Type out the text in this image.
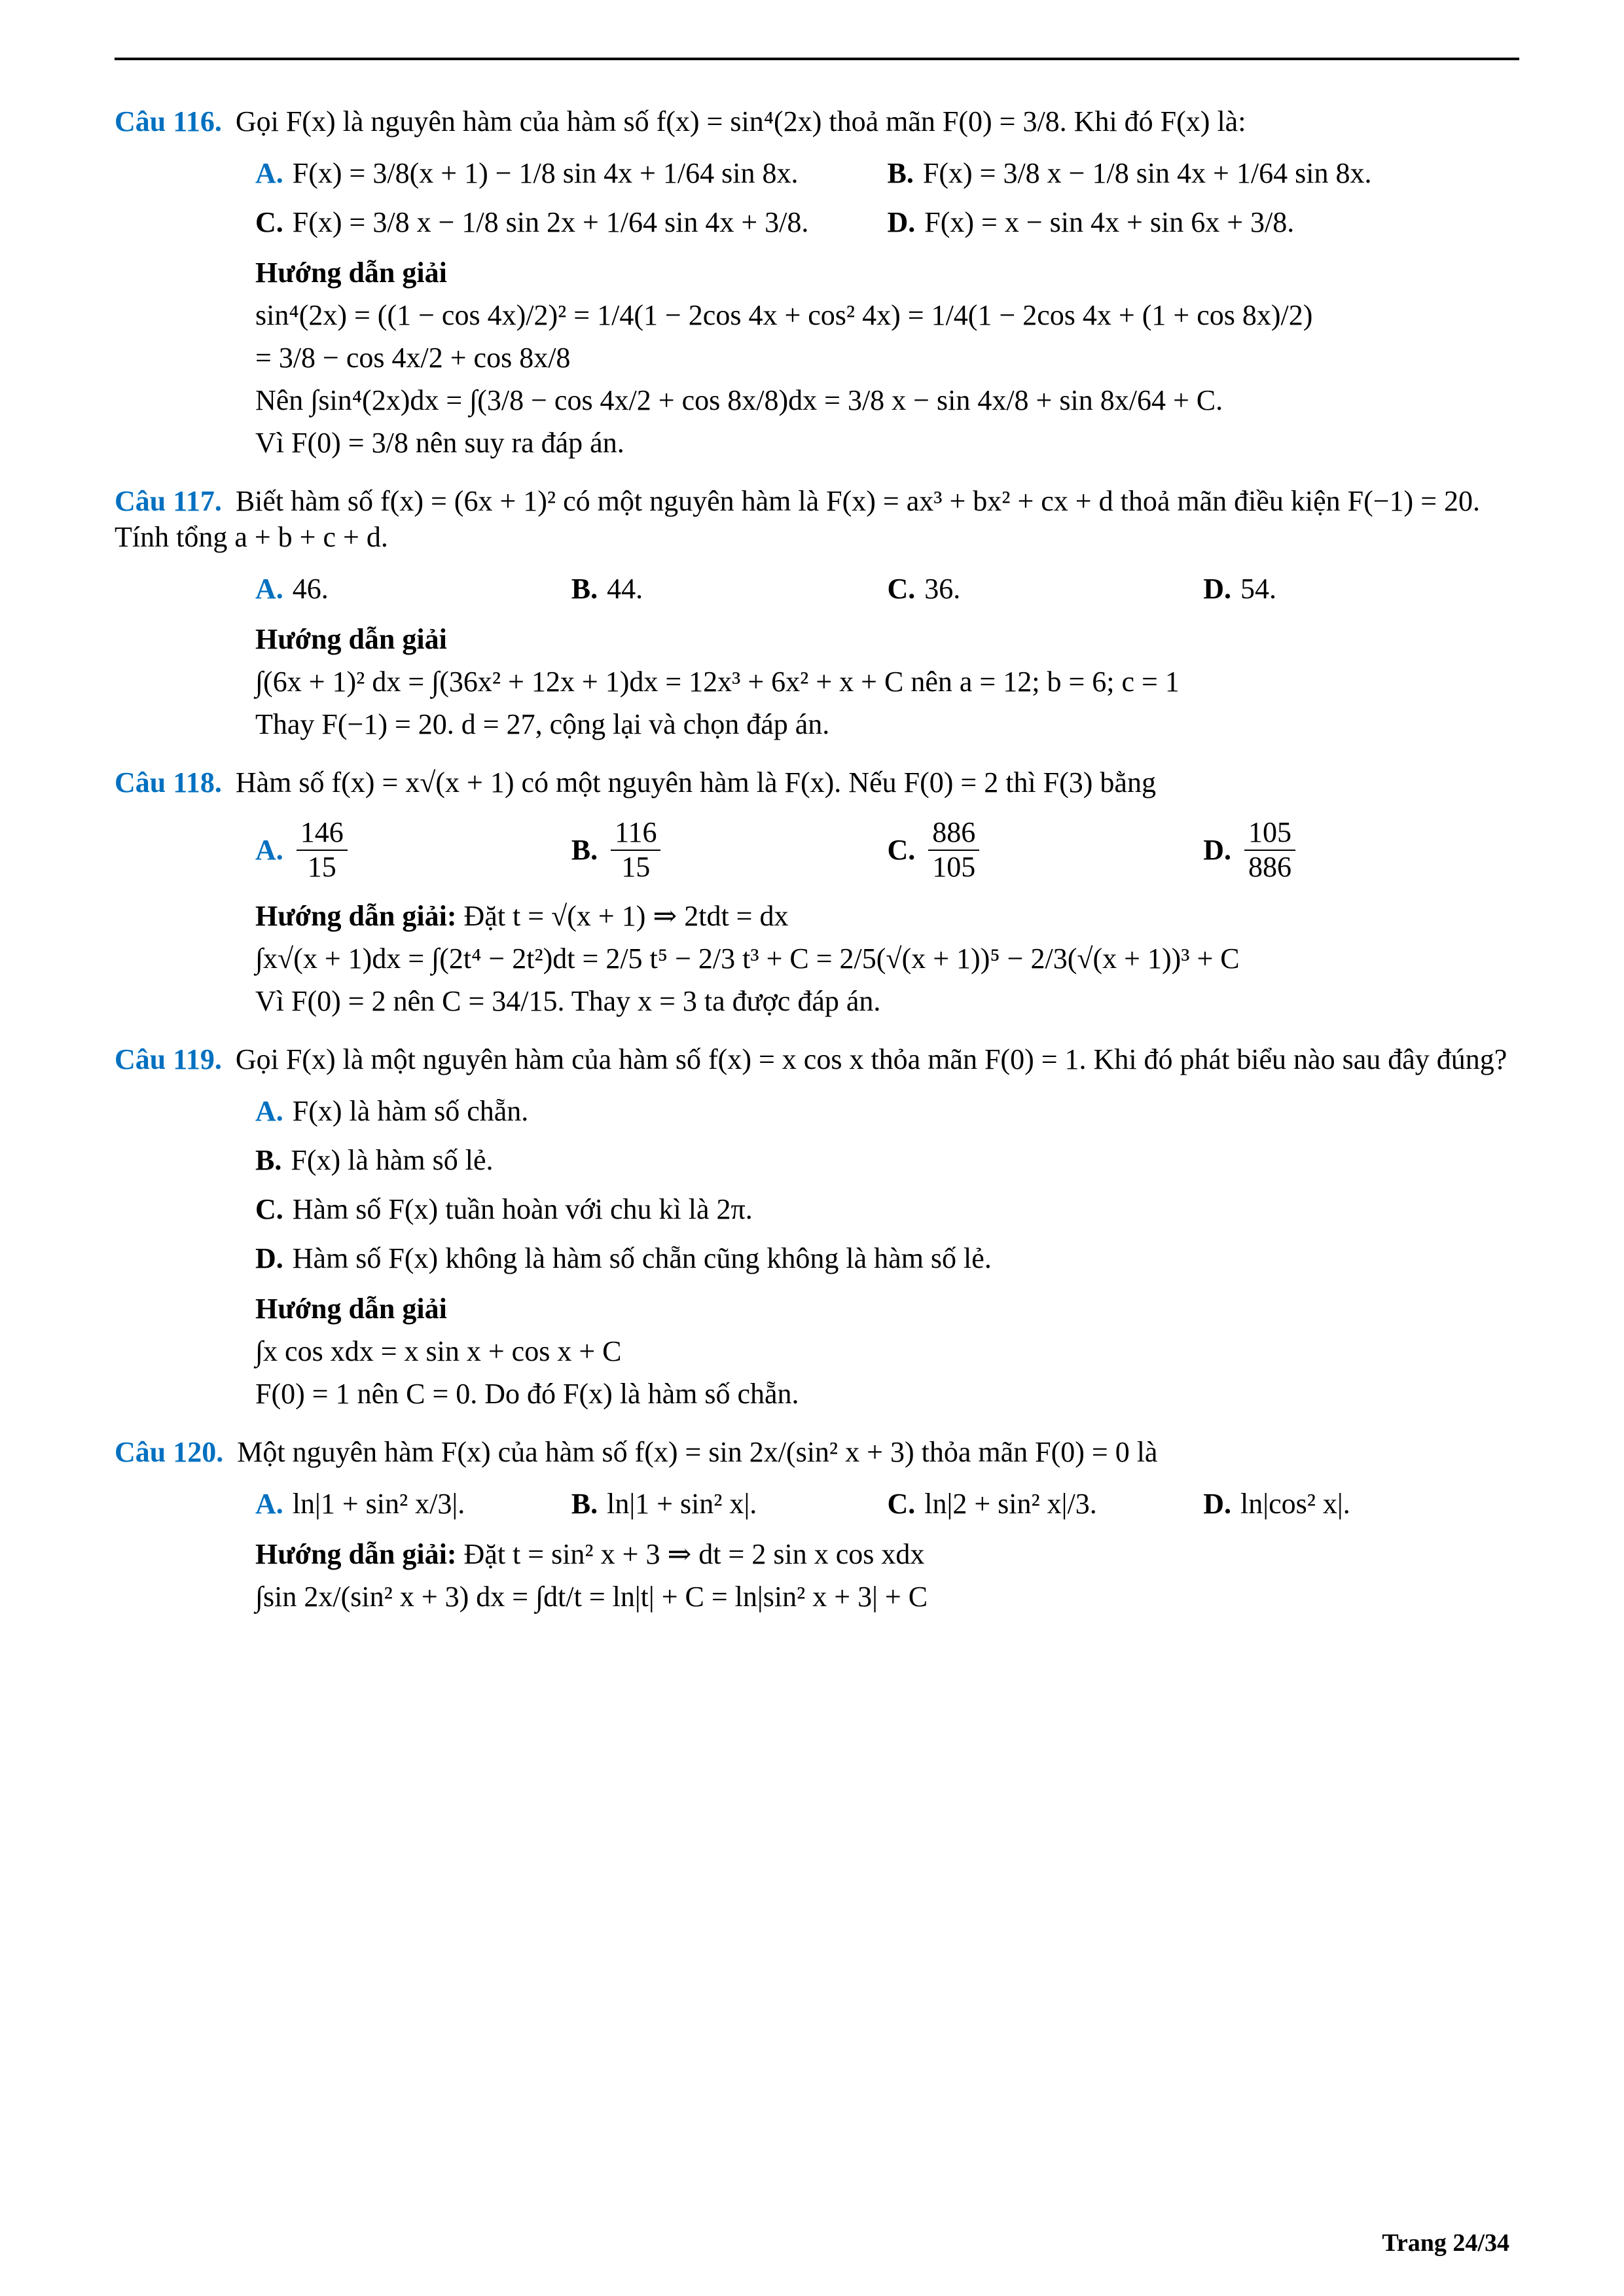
Câu 116. Gọi F(x) là nguyên hàm của hàm số f(x) = sin⁴(2x) thoả mãn F(0) = 3/8. Khi đó F(x) là:
A. F(x) = 3/8(x + 1) − 1/8 sin 4x + 1/64 sin 8x.	B. F(x) = 3/8 x − 1/8 sin 4x + 1/64 sin 8x.
C. F(x) = 3/8 x − 1/8 sin 2x + 1/64 sin 4x + 3/8.	D. F(x) = x − sin 4x + sin 6x + 3/8.
Hướng dẫn giải
sin⁴(2x) = ((1 − cos 4x)/2)² = 1/4(1 − 2cos 4x + cos² 4x) = 1/4(1 − 2cos 4x + (1 + cos 8x)/2)
= 3/8 − cos 4x/2 + cos 8x/8
Nên ∫sin⁴(2x)dx = ∫(3/8 − cos 4x/2 + cos 8x/8)dx = 3/8 x − sin 4x/8 + sin 8x/64 + C.
Vì F(0) = 3/8 nên suy ra đáp án.
Câu 117. Biết hàm số f(x) = (6x + 1)² có một nguyên hàm là F(x) = ax³ + bx² + cx + d thoả mãn điều kiện F(−1) = 20. Tính tổng a + b + c + d.
A. 46.	B. 44.	C. 36.	D. 54.
Hướng dẫn giải
∫(6x + 1)² dx = ∫(36x² + 12x + 1)dx = 12x³ + 6x² + x + C nên a = 12; b = 6; c = 1
Thay F(−1) = 20. d = 27, cộng lại và chọn đáp án.
Câu 118. Hàm số f(x) = x√(x + 1) có một nguyên hàm là F(x). Nếu F(0) = 2 thì F(3) bằng
A. $\frac{146}{15}$	B. $\frac{116}{15}$	C. $\frac{886}{105}$	D. $\frac{105}{886}$
Hướng dẫn giải: Đặt t = √(x + 1) ⇒ 2tdt = dx
∫x√(x + 1)dx = ∫(2t⁴ − 2t²)dt = 2/5 t⁵ − 2/3 t³ + C = 2/5(√(x + 1))⁵ − 2/3(√(x + 1))³ + C
Vì F(0) = 2 nên C = 34/15. Thay x = 3 ta được đáp án.
Câu 119. Gọi F(x) là một nguyên hàm của hàm số f(x) = x cos x thỏa mãn F(0) = 1. Khi đó phát biểu nào sau đây đúng?
A. F(x) là hàm số chẵn.
B. F(x) là hàm số lẻ.
C. Hàm số F(x) tuần hoàn với chu kì là 2π.
D. Hàm số F(x) không là hàm số chẵn cũng không là hàm số lẻ.
Hướng dẫn giải
∫x cos xdx = x sin x + cos x + C
F(0) = 1 nên C = 0. Do đó F(x) là hàm số chẵn.
Câu 120. Một nguyên hàm F(x) của hàm số f(x) = sin 2x/(sin² x + 3) thỏa mãn F(0) = 0 là
A. ln|1 + sin² x/3|.	B. ln|1 + sin² x|.	C. ln|2 + sin² x|/3.	D. ln|cos² x|.
Hướng dẫn giải: Đặt t = sin² x + 3 ⇒ dt = 2 sin x cos xdx
∫sin 2x/(sin² x + 3) dx = ∫dt/t = ln|t| + C = ln|sin² x + 3| + C
Trang 24/34
